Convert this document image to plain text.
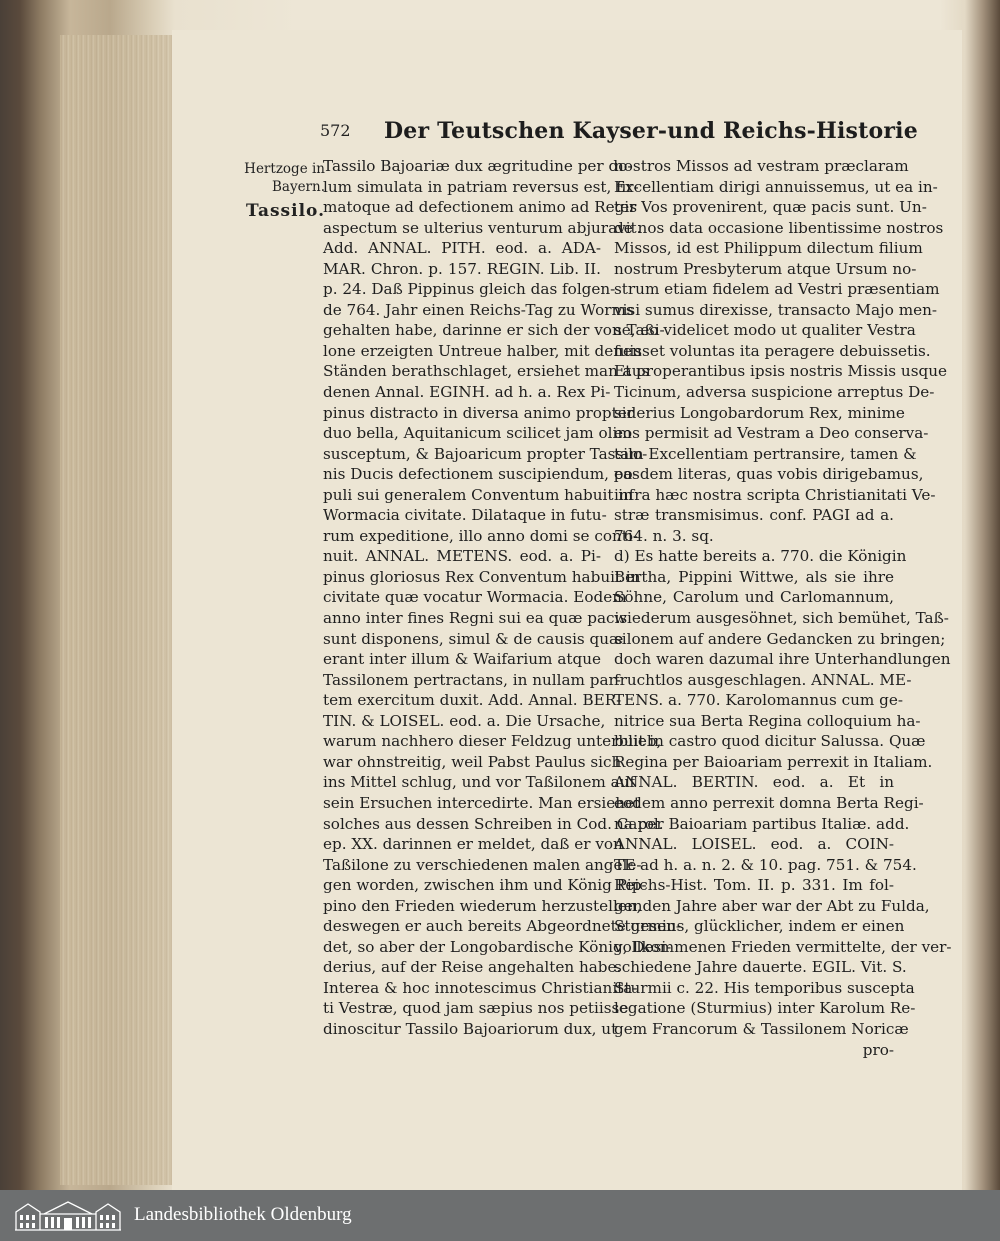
572 Der Teutschen Kayser-und Reichs-Historie
Hertzoge in
Bayern.
Tassilo.
Tassilo Bajoariæ dux ægritudine per do-
lum simulata in patriam reversus est, fir-
matoque ad defectionem animo ad Regis
aspectum se ulterius venturum abjuravit.
Add. ANNAL. PITH. eod. a. ADA-
MAR. Chron. p. 157. REGIN. Lib. II.
p. 24. Daß Pippinus gleich das folgen-
de 764. Jahr einen Reichs-Tag zu Worms
gehalten habe, darinne er sich der von Taßi-
lone erzeigten Untreue halber, mit denen
Ständen berathschlaget, ersiehet man aus
denen Annal. EGINH. ad h. a. Rex Pi-
pinus distracto in diversa animo propter
duo bella, Aquitanicum scilicet jam olim
susceptum, & Bajoaricum propter Tassilo-
nis Ducis defectionem suscipiendum, po-
puli sui generalem Conventum habuit in
Wormacia civitate. Dilataque in futu-
rum expeditione, illo anno domi se conti-
nuit. ANNAL. METENS. eod. a. Pi-
pinus gloriosus Rex Conventum habuit in
civitate quæ vocatur Wormacia. Eodem
anno inter fines Regni sui ea quæ pacis
sunt disponens, simul & de causis quæ
erant inter illum & Waifarium atque
Tassilonem pertractans, in nullam par-
tem exercitum duxit. Add. Annal. BER-
TIN. & LOISEL. eod. a. Die Ursache,
warum nachhero dieser Feldzug unterblieb,
war ohnstreitig, weil Pabst Paulus sich
ins Mittel schlug, und vor Taßilonem auf
sein Ersuchen intercedirte. Man ersiehet
solches aus dessen Schreiben in Cod. Carol.
ep. XX. darinnen er meldet, daß er von
Taßilone zu verschiedenen malen angele-
gen worden, zwischen ihm und König Pip-
pino den Frieden wiederum herzustellen,
deswegen er auch bereits Abgeordnete gesen-
det, so aber der Longobardische König, Desi-
derius, auf der Reise angehalten habe.
Interea & hoc innotescimus Christianita-
ti Vestræ, quod jam sæpius nos petiisse
dinoscitur Tassilo Bajoariorum dux, ut
nostros Missos ad vestram præclaram
Excellentiam dirigi annuissemus, ut ea in-
ter Vos provenirent, quæ pacis sunt. Un-
de nos data occasione libentissime nostros
Missos, id est Philippum dilectum filium
nostrum Presbyterum atque Ursum no-
strum etiam fidelem ad Vestri præsentiam
visi sumus direxisse, transacto Majo men-
se, eo videlicet modo ut qualiter Vestra
fuisset voluntas ita peragere debuissetis.
Et properantibus ipsis nostris Missis usque
Ticinum, adversa suspicione arreptus De-
siderius Longobardorum Rex, minime
eos permisit ad Vestram a Deo conserva-
tam Excellentiam pertransire, tamen &
easdem literas, quas vobis dirigebamus,
infra hæc nostra scripta Christianitati Ve-
stræ transmisimus. conf. PAGI ad a.
764. n. 3. sq.
d) Es hatte bereits a. 770. die Königin
Bertha, Pippini Wittwe, als sie ihre
Söhne, Carolum und Carlomannum,
wiederum ausgesöhnet, sich bemühet, Taß-
silonem auf andere Gedancken zu bringen;
doch waren dazumal ihre Unterhandlungen
fruchtlos ausgeschlagen. ANNAL. ME-
TENS. a. 770. Karolomannus cum ge-
nitrice sua Berta Regina colloquium ha-
buit in castro quod dicitur Salussa. Quæ
Regina per Baioariam perrexit in Italiam.
ANNAL. BERTIN. eod. a. Et in
eodem anno perrexit domna Berta Regi-
na per Baioariam partibus Italiæ. add.
ANNAL. LOISEL. eod. a. COIN-
TE ad h. a. n. 2. & 10. pag. 751. & 754.
Reichs-Hist. Tom. II. p. 331. Im fol-
genden Jahre aber war der Abt zu Fulda,
Sturmius, glücklicher, indem er einen
vollkommenen Frieden vermittelte, der ver-
schiedene Jahre dauerte. EGIL. Vit. S.
Sturmii c. 22. His temporibus suscepta
legatione (Sturmius) inter Karolum Re-
gem Francorum & Tassilonem Noricæ
pro-
Landesbibliothek Oldenburg
